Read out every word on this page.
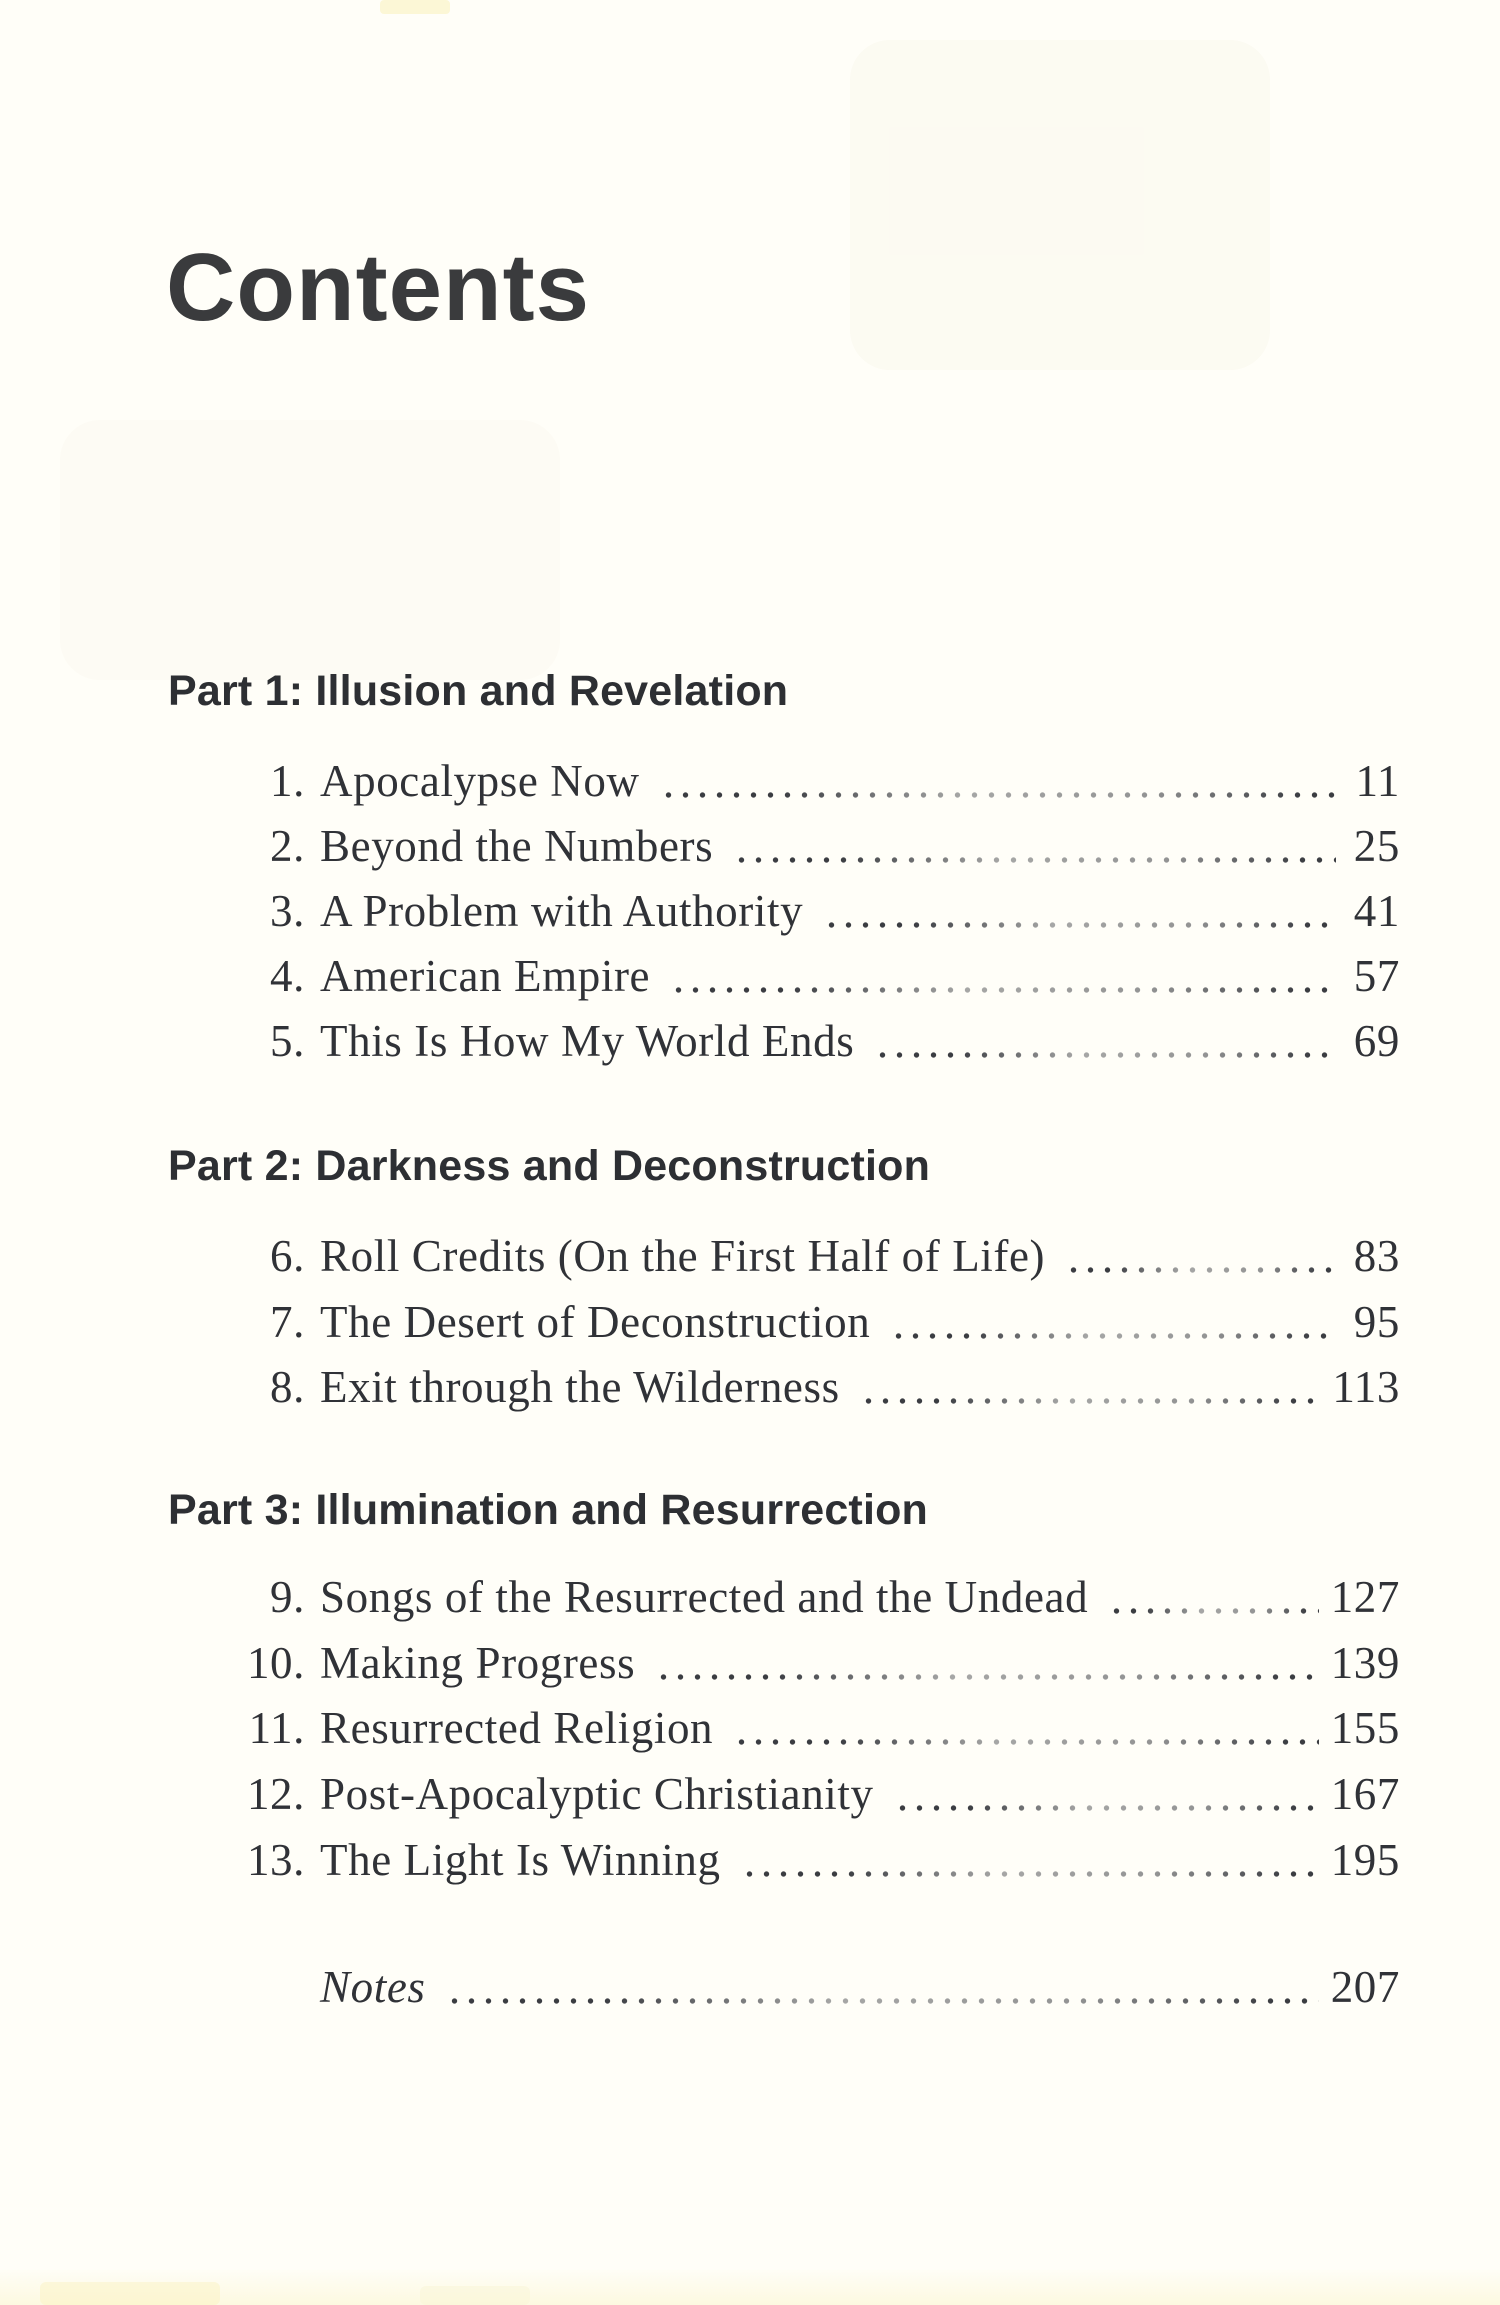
Contents
Part 1: Illusion and Revelation
1. Apocalypse Now	11
2. Beyond the Numbers	25
3. A Problem with Authority	41
4. American Empire	57
5. This Is How My World Ends	69
Part 2: Darkness and Deconstruction
6. Roll Credits (On the First Half of Life)	83
7. The Desert of Deconstruction	95
8. Exit through the Wilderness	113
Part 3: Illumination and Resurrection
9. Songs of the Resurrected and the Undead	127
10. Making Progress	139
11. Resurrected Religion	155
12. Post-Apocalyptic Christianity	167
13. The Light Is Winning	195
Notes	207
